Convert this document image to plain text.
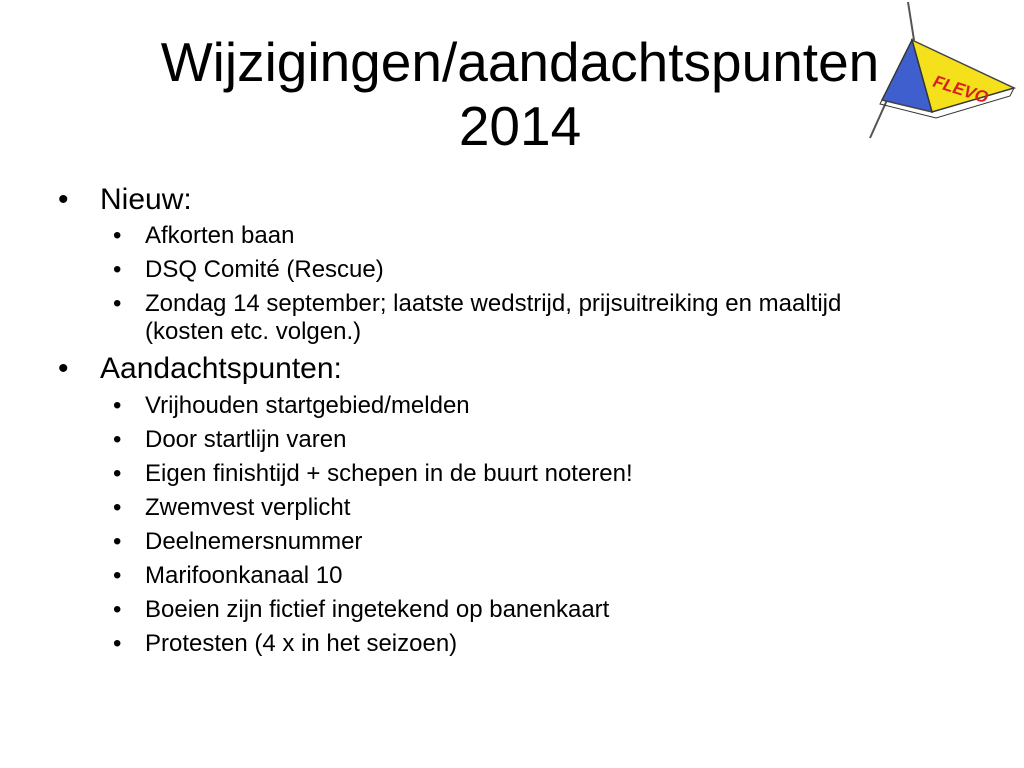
Wijzigingen/aandachtspunten
2014
FLEVO
• Nieuw:
• Afkorten baan
• DSQ Comité (Rescue)
• Zondag 14 september; laatste wedstrijd, prijsuitreiking en maaltijd (kosten etc. volgen.)
• Aandachtspunten:
• Vrijhouden startgebied/melden
• Door startlijn varen
• Eigen finishtijd + schepen in de buurt noteren!
• Zwemvest verplicht
• Deelnemersnummer
• Marifoonkanaal 10
• Boeien zijn fictief ingetekend op banenkaart
• Protesten (4 x in het seizoen)
